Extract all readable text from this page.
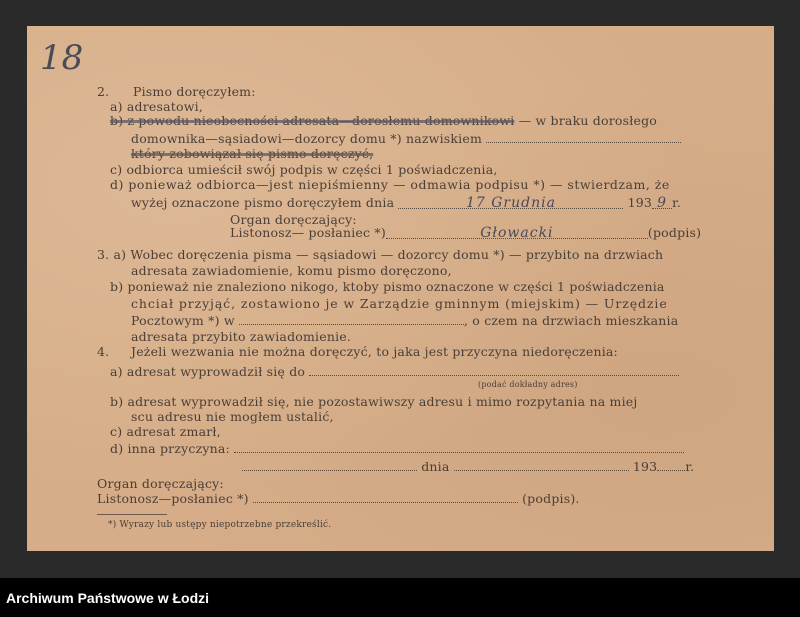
18
2. Pismo doręczyłem:
a) adresatowi,
b) z powodu nieobecności adresata—dorosłemu domownikowi — w braku dorosłego
domownika—sąsiadowi—dozorcy domu *) nazwiskiem
który zobowiązał się pismo doręczyć,
c) odbiorca umieścił swój podpis w części 1 poświadczenia,
d) ponieważ odbiorca—jest niepiśmienny — odmawia podpisu *) — stwierdzam, że
wyżej oznaczone pismo doręczyłem dnia	17 Grudnia	193 9 r.
Organ doręczający:
Listonosz— posłaniec *)	Głowacki	(podpis)
3. a) Wobec doręczenia pisma — sąsiadowi — dozorcy domu *) — przybito na drzwiach
adresata zawiadomienie, komu pismo doręczono,
b) ponieważ nie znaleziono nikogo, ktoby pismo oznaczone w części 1 poświadczenia
chciał przyjąć, zostawiono je w Zarządzie gminnym (miejskim) — Urzędzie
Pocztowym *) w	, o czem na drzwiach mieszkania
adresata przybito zawiadomienie.
4. Jeżeli wezwania nie można doręczyć, to jaka jest przyczyna niedoręczenia:
a) adresat wyprowadził się do
(podać dokładny adres)
b) adresat wyprowadził się, nie pozostawiwszy adresu i mimo rozpytania na miej
scu adresu nie mogłem ustalić,
c) adresat zmarł,
d) inna przyczyna:
dnia	193 r.
Organ doręczający:
Listonosz—posłaniec *)	(podpis).
*) Wyrazy lub ustępy niepotrzebne przekreślić.
Archiwum Państwowe w Łodzi
